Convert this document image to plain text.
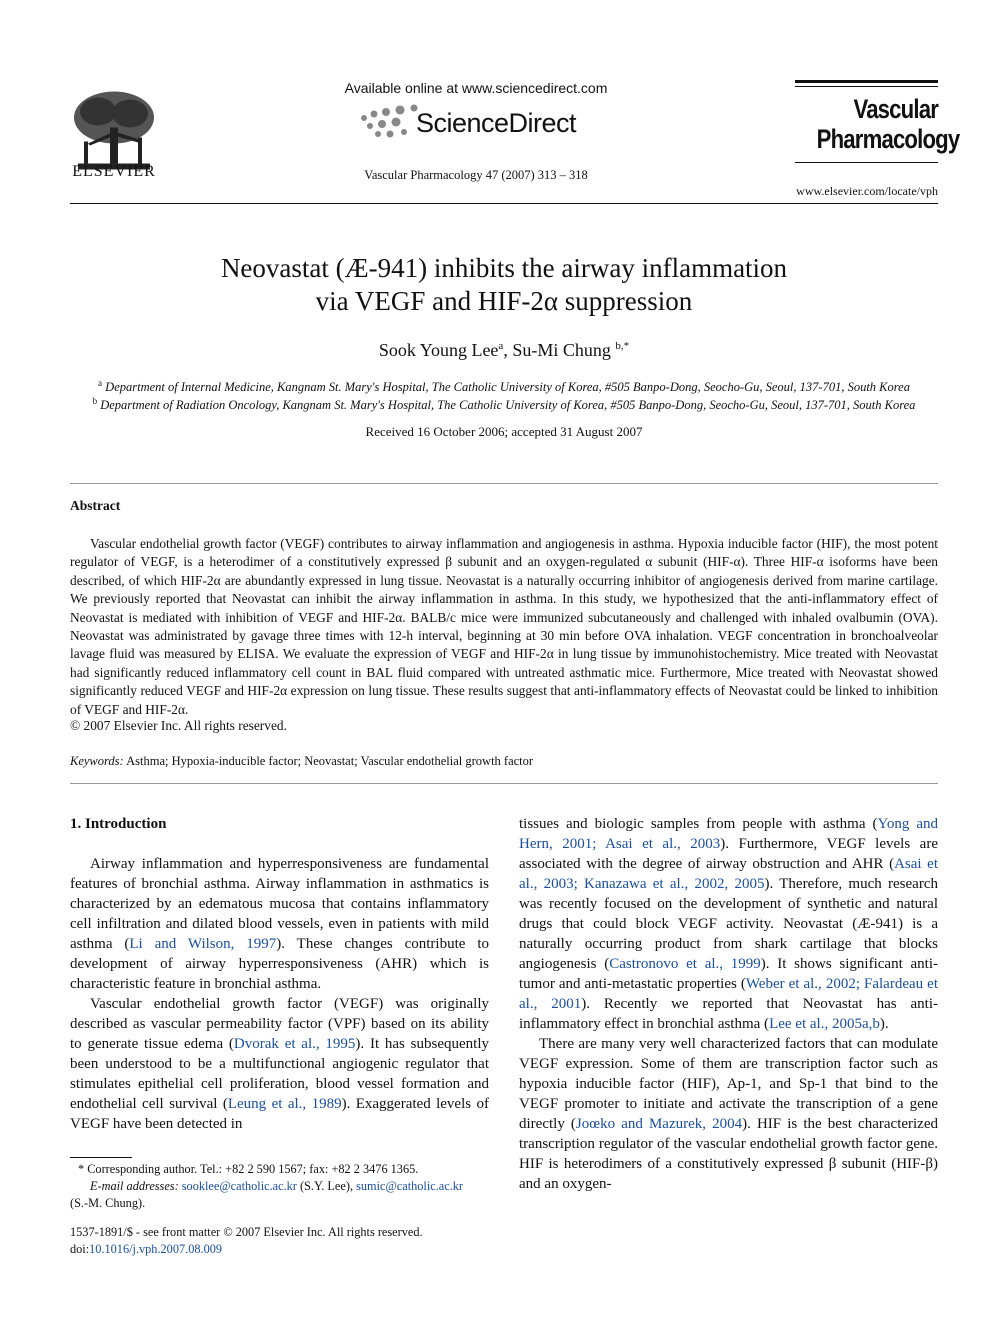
ELSEVIER
Available online at www.sciencedirect.com
ScienceDirect
Vascular Pharmacology 47 (2007) 313 – 318
Vascular
Pharmacology
www.elsevier.com/locate/vph
Neovastat (Æ-941) inhibits the airway inflammation
via VEGF and HIF-2α suppression
Sook Young Lee$^a$, Su-Mi Chung $^{b,*}$
$^a$ Department of Internal Medicine, Kangnam St. Mary's Hospital, The Catholic University of Korea, #505 Banpo-Dong, Seocho-Gu, Seoul, 137-701, South Korea
$^b$ Department of Radiation Oncology, Kangnam St. Mary's Hospital, The Catholic University of Korea, #505 Banpo-Dong, Seocho-Gu, Seoul, 137-701, South Korea
Received 16 October 2006; accepted 31 August 2007
Abstract
Vascular endothelial growth factor (VEGF) contributes to airway inflammation and angiogenesis in asthma. Hypoxia inducible factor (HIF), the most potent regulator of VEGF, is a heterodimer of a constitutively expressed β subunit and an oxygen-regulated α subunit (HIF-α). Three HIF-α isoforms have been described, of which HIF-2α are abundantly expressed in lung tissue. Neovastat is a naturally occurring inhibitor of angiogenesis derived from marine cartilage. We previously reported that Neovastat can inhibit the airway inflammation in asthma. In this study, we hypothesized that the anti-inflammatory effect of Neovastat is mediated with inhibition of VEGF and HIF-2α. BALB/c mice were immunized subcutaneously and challenged with inhaled ovalbumin (OVA). Neovastat was administrated by gavage three times with 12-h interval, beginning at 30 min before OVA inhalation. VEGF concentration in bronchoalveolar lavage fluid was measured by ELISA. We evaluate the expression of VEGF and HIF-2α in lung tissue by immunohistochemistry. Mice treated with Neovastat had significantly reduced inflammatory cell count in BAL fluid compared with untreated asthmatic mice. Furthermore, Mice treated with Neovastat showed significantly reduced VEGF and HIF-2α expression on lung tissue. These results suggest that anti-inflammatory effects of Neovastat could be linked to inhibition of VEGF and HIF-2α.
© 2007 Elsevier Inc. All rights reserved.
Keywords: Asthma; Hypoxia-inducible factor; Neovastat; Vascular endothelial growth factor

1. Introduction

Airway inflammation and hyperresponsiveness are fundamental features of bronchial asthma. Airway inflammation in asthmatics is characterized by an edematous mucosa that contains inflammatory cell infiltration and dilated blood vessels, even in patients with mild asthma (Li and Wilson, 1997). These changes contribute to development of airway hyperresponsiveness (AHR) which is characteristic feature in bronchial asthma.

Vascular endothelial growth factor (VEGF) was originally described as vascular permeability factor (VPF) based on its ability to generate tissue edema (Dvorak et al., 1995). It has subsequently been understood to be a multifunctional angiogenic regulator that stimulates epithelial cell proliferation, blood vessel formation and endothelial cell survival (Leung et al., 1989). Exaggerated levels of VEGF have been detected in

* Corresponding author. Tel.: +82 2 590 1567; fax: +82 2 3476 1365.
E-mail addresses: sooklee@catholic.ac.kr (S.Y. Lee), sumic@catholic.ac.kr
(S.-M. Chung).
1537-1891/$ - see front matter © 2007 Elsevier Inc. All rights reserved.
doi:10.1016/j.vph.2007.08.009

tissues and biologic samples from people with asthma (Yong and Hern, 2001; Asai et al., 2003). Furthermore, VEGF levels are associated with the degree of airway obstruction and AHR (Asai et al., 2003; Kanazawa et al., 2002, 2005). Therefore, much research was recently focused on the development of synthetic and natural drugs that could block VEGF activity. Neovastat (Æ-941) is a naturally occurring product from shark cartilage that blocks angiogenesis (Castronovo et al., 1999). It shows significant anti-tumor and anti-metastatic properties (Weber et al., 2002; Falardeau et al., 2001). Recently we reported that Neovastat has anti-inflammatory effect in bronchial asthma (Lee et al., 2005a,b).

There are many very well characterized factors that can modulate VEGF expression. Some of them are transcription factor such as hypoxia inducible factor (HIF), Ap-1, and Sp-1 that bind to the VEGF promoter to initiate and activate the transcription of a gene directly (Joœko and Mazurek, 2004). HIF is the best characterized transcription regulator of the vascular endothelial growth factor gene. HIF is heterodimers of a constitutively expressed β subunit (HIF-β) and an oxygen-
